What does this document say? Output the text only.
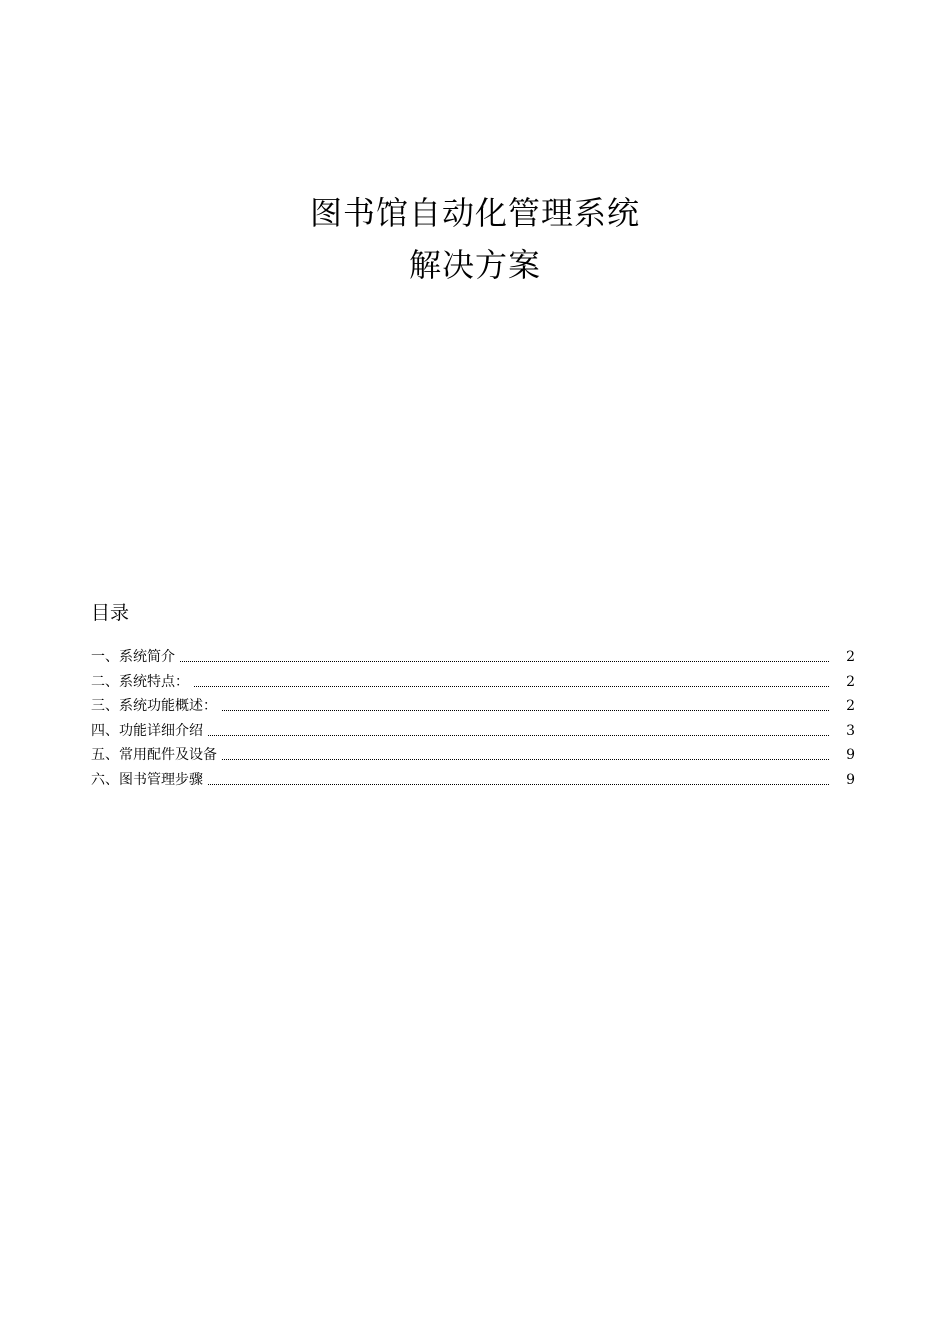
图书馆自动化管理系统
解决方案
目录
一、系统简介	2
二、系统特点：	2
三、系统功能概述：	2
四、功能详细介绍	3
五、常用配件及设备	9
六、图书管理步骤	9
